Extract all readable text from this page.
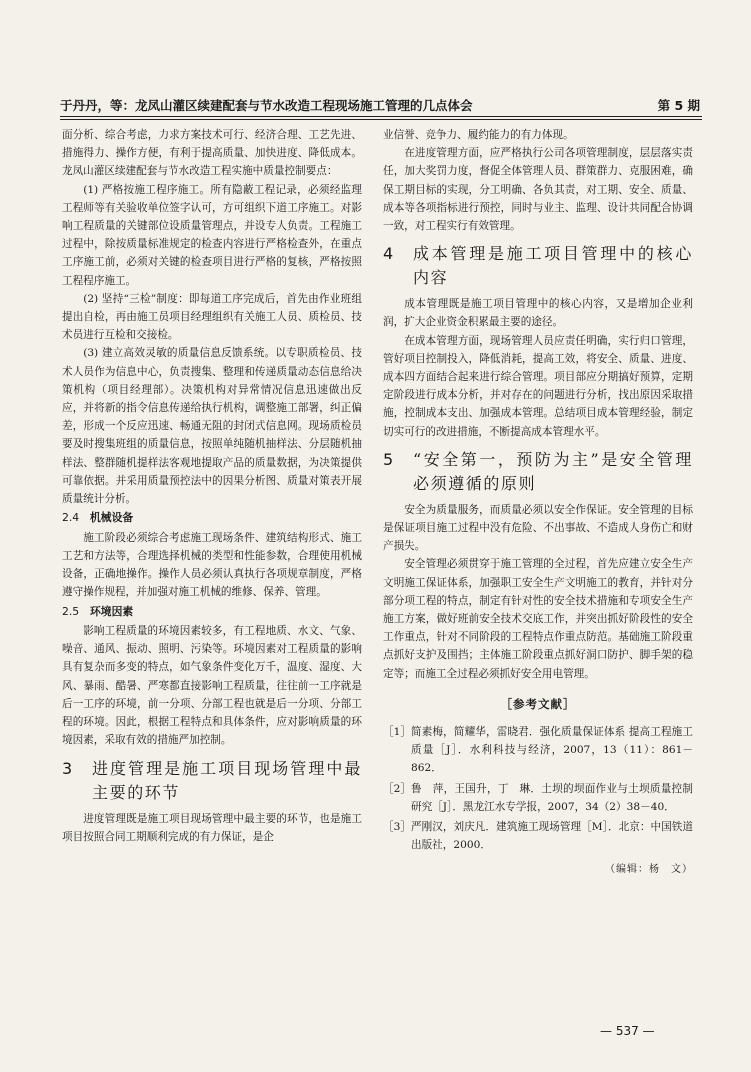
于丹丹，等：龙凤山灌区续建配套与节水改造工程现场施工管理的几点体会	第 5 期

面分析、综合考虑，力求方案技术可行、经济合理、工艺先进、措施得力、操作方便，有利于提高质量、加快进度、降低成本。龙凤山灌区续建配套与节水改造工程实施中质量控制要点：

(1) 严格按施工程序施工。所有隐蔽工程记录，必须经监理工程师等有关验收单位签字认可，方可组织下道工序施工。对影响工程质量的关键部位设质量管理点，并设专人负责。工程施工过程中，除按质量标准规定的检查内容进行严格检查外，在重点工序施工前，必须对关键的检查项目进行严格的复核，严格按照工程程序施工。

(2) 坚持“三检”制度：即每道工序完成后，首先由作业班组提出自检，再由施工员项目经理组织有关施工人员、质检员、技术员进行互检和交接检。

(3) 建立高效灵敏的质量信息反馈系统。以专职质检员、技术人员作为信息中心，负责搜集、整理和传递质量动态信息给决策机构（项目经理部）。决策机构对异常情况信息迅速做出反应，并将新的指令信息传递给执行机构，调整施工部署，纠正偏差，形成一个反应迅速、畅通无阻的封闭式信息网。现场质检员要及时搜集班组的质量信息，按照单纯随机抽样法、分层随机抽样法、整群随机提样法客观地提取产品的质量数据，为决策提供可靠依据。并采用质量预控法中的因果分析图、质量对策表开展质量统计分析。

2.4 机械设备

施工阶段必须综合考虑施工现场条件、建筑结构形式、施工工艺和方法等，合理选择机械的类型和性能参数，合理使用机械设备，正确地操作。操作人员必须认真执行各项规章制度，严格遵守操作规程，并加强对施工机械的维修、保养、管理。

2.5 环境因素

影响工程质量的环境因素较多，有工程地质、水文、气象、噪音、通风、振动、照明、污染等。环境因素对工程质量的影响具有复杂而多变的特点，如气象条件变化万千，温度、湿度、大风、暴雨、酷暑、严寒都直接影响工程质量，往往前一工序就是后一工序的环境，前一分项、分部工程也就是后一分项、分部工程的环境。因此，根据工程特点和具体条件，应对影响质量的环境因素，采取有效的措施严加控制。

3 进度管理是施工项目现场管理中最主要的环节

进度管理既是施工项目现场管理中最主要的环节，也是施工项目按照合同工期顺利完成的有力保证，是企

业信誉、竞争力、履约能力的有力体现。

在进度管理方面，应严格执行公司各项管理制度，层层落实责任，加大奖罚力度，督促全体管理人员、群策群力、克服困难，确保工期目标的实现，分工明确、各负其责，对工期、安全、质量、成本等各项指标进行预控，同时与业主、监理、设计共同配合协调一致，对工程实行有效管理。

4 成本管理是施工项目管理中的核心内容

成本管理既是施工项目管理中的核心内容，又是增加企业利润，扩大企业资金积累最主要的途径。

在成本管理方面，现场管理人员应责任明确，实行归口管理，管好项目控制投入，降低消耗，提高工效，将安全、质量、进度、成本四方面结合起来进行综合管理。项目部应分期搞好预算，定期定阶段进行成本分析，并对存在的问题进行分析，找出原因采取措施，控制成本支出、加强成本管理。总结项目成本管理经验，制定切实可行的改进措施，不断提高成本管理水平。

5 “安全第一，预防为主”是安全管理必须遵循的原则

安全为质量服务，而质量必须以安全作保证。安全管理的目标是保证项目施工过程中没有危险、不出事故、不造成人身伤亡和财产损失。

安全管理必须贯穿于施工管理的全过程，首先应建立安全生产文明施工保证体系，加强职工安全生产文明施工的教育，并针对分部分项工程的特点，制定有针对性的安全技术措施和专项安全生产施工方案，做好班前安全技术交底工作，并突出抓好阶段性的安全工作重点，针对不同阶段的工程特点作重点防范。基础施工阶段重点抓好支护及围挡；主体施工阶段重点抓好洞口防护、脚手架的稳定等；而施工全过程必须抓好安全用电管理。

［参考文献］

［1］ 简素梅，简耀华，雷晓君．强化质量保证体系 提高工程施工质量［J］．水利科技与经济，2007，13（11）：861－862．

［2］ 鲁　萍，王国升，丁　琳．土坝的坝面作业与土坝质量控制研究［J］．黑龙江水专学报，2007，34（2）38－40．

［3］ 严刚汉，刘庆凡．建筑施工现场管理［M］．北京：中国铁道出版社，2000．

（编辑：杨　文）
— 537 —
